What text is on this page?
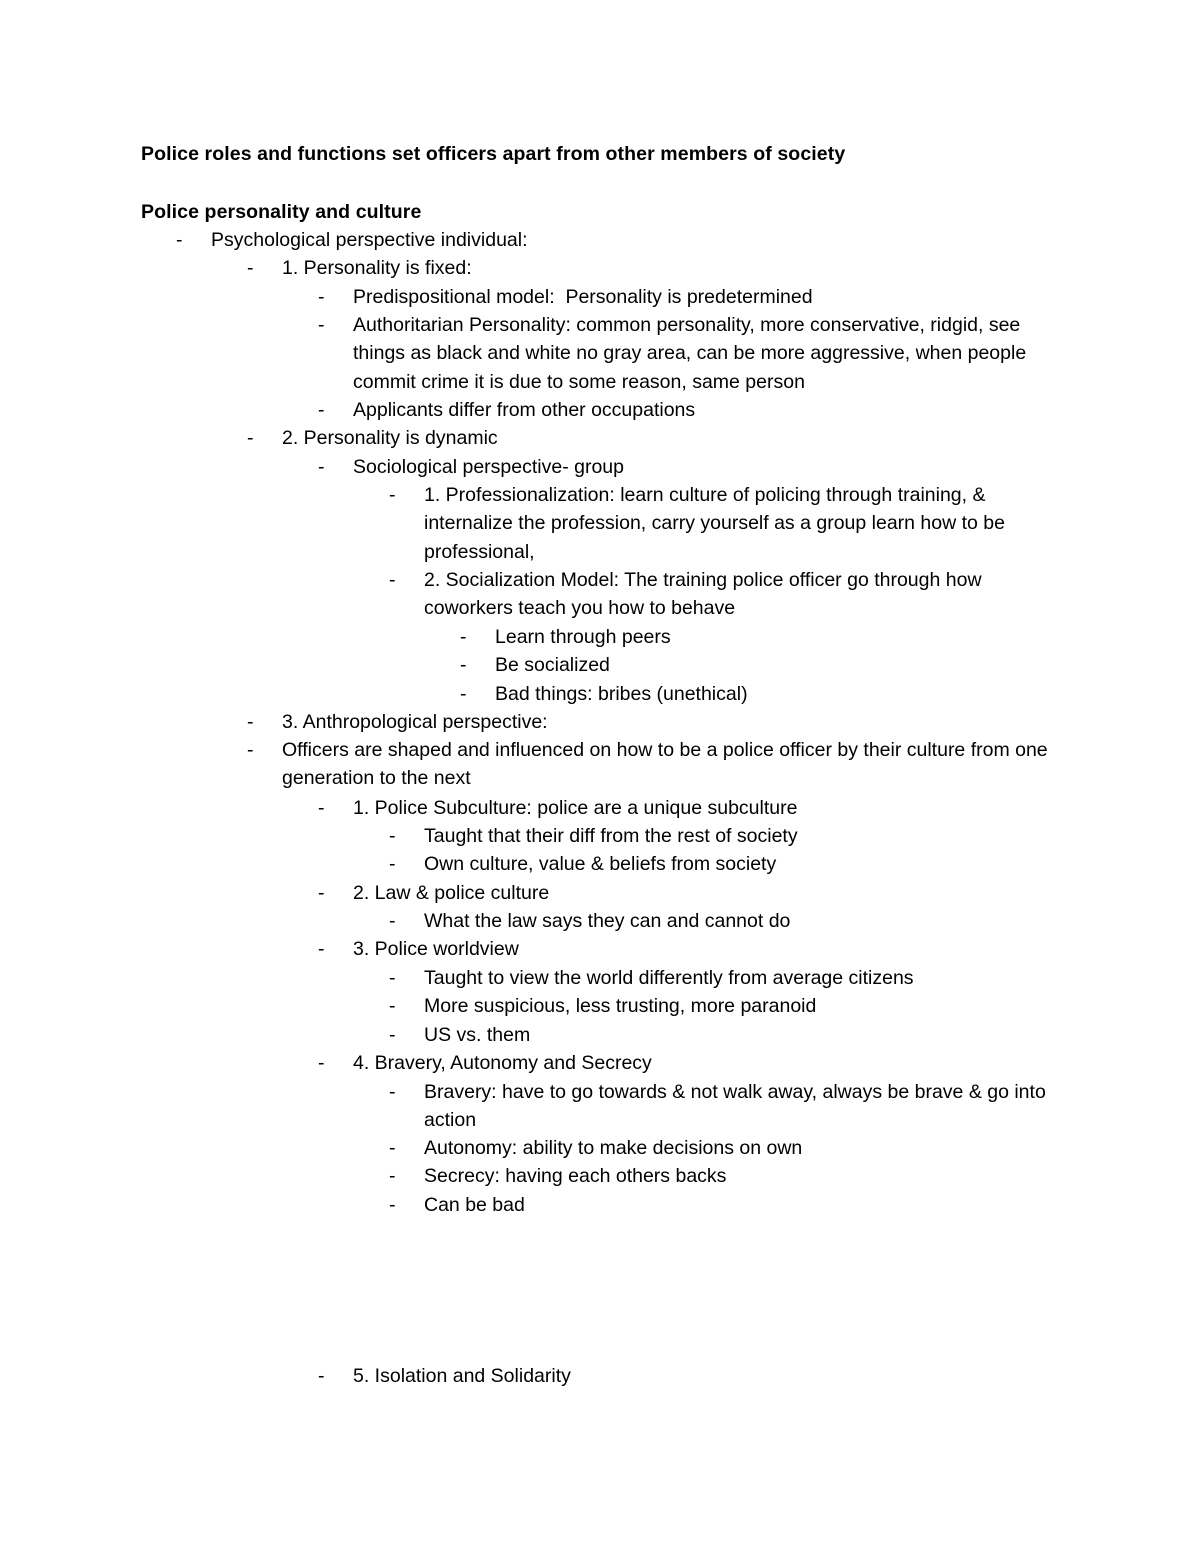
Police roles and functions set officers apart from other members of society
Police personality and culture
-	Psychological perspective individual:
-	1. Personality is fixed:
-	Predispositional model:  Personality is predetermined
-	Authoritarian Personality: common personality, more conservative, ridgid, see things as black and white no gray area, can be more aggressive, when people commit crime it is due to some reason, same person
-	Applicants differ from other occupations
-	2. Personality is dynamic
-	Sociological perspective- group
-	1. Professionalization: learn culture of policing through training, & internalize the profession, carry yourself as a group learn how to be professional,
-	2. Socialization Model: The training police officer go through how coworkers teach you how to behave
-	Learn through peers
-	Be socialized
-	Bad things: bribes (unethical)
-	3. Anthropological perspective:
-	Officers are shaped and influenced on how to be a police officer by their culture from one generation to the next
-	1. Police Subculture: police are a unique subculture
-	Taught that their diff from the rest of society
-	Own culture, value & beliefs from society
-	2. Law & police culture
-	What the law says they can and cannot do
-	3. Police worldview
-	Taught to view the world differently from average citizens
-	More suspicious, less trusting, more paranoid
-	US vs. them
-	4. Bravery, Autonomy and Secrecy
-	Bravery: have to go towards & not walk away, always be brave & go into action
-	Autonomy: ability to make decisions on own
-	Secrecy: having each others backs
-	Can be bad
-	5. Isolation and Solidarity
